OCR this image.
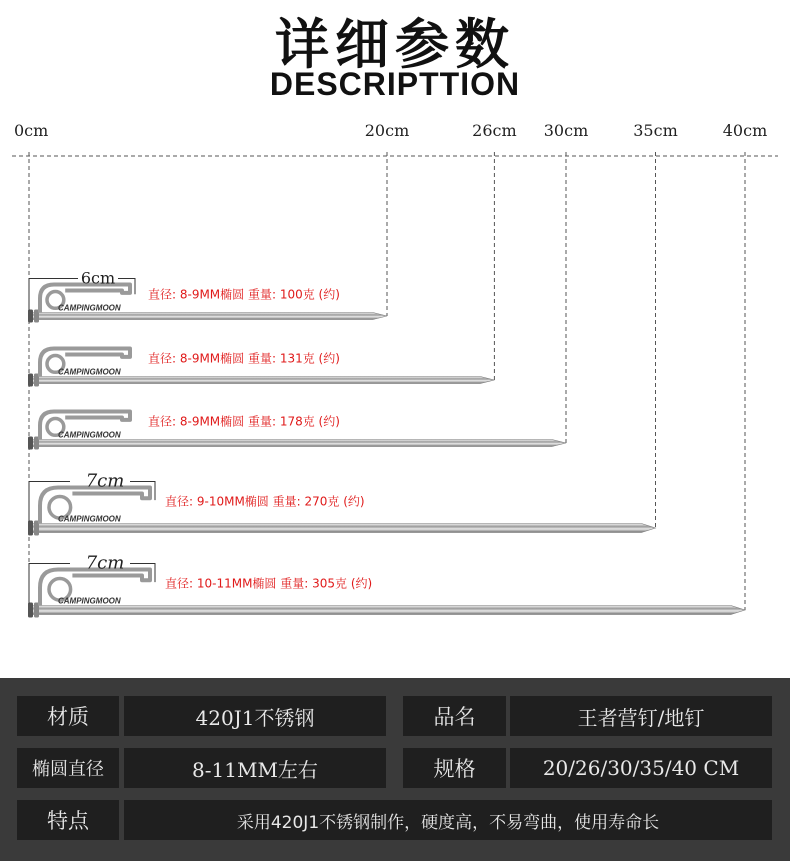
详细参数
DESCRIPTTION
0cm	20cm	26cm 30cm	35cm	40cm
CAMPINGMOON
6cm
直径: 8-9MM椭圆 重量: 100克 (约)
CAMPINGMOON
直径: 8-9MM椭圆 重量: 131克 (约)
CAMPINGMOON
直径: 8-9MM椭圆 重量: 178克 (约)
CAMPINGMOON
7cm
直径: 9-10MM椭圆 重量: 270克 (约)
CAMPINGMOON
7cm
直径: 10-11MM椭圆 重量: 305克 (约)
材质	420J1不锈钢	品名	王者营钉/地钉
椭圆直径	8-11MM左右	规格	20/26/30/35/40 CM
特点	采用420J1不锈钢制作，硬度高，不易弯曲，使用寿命长
